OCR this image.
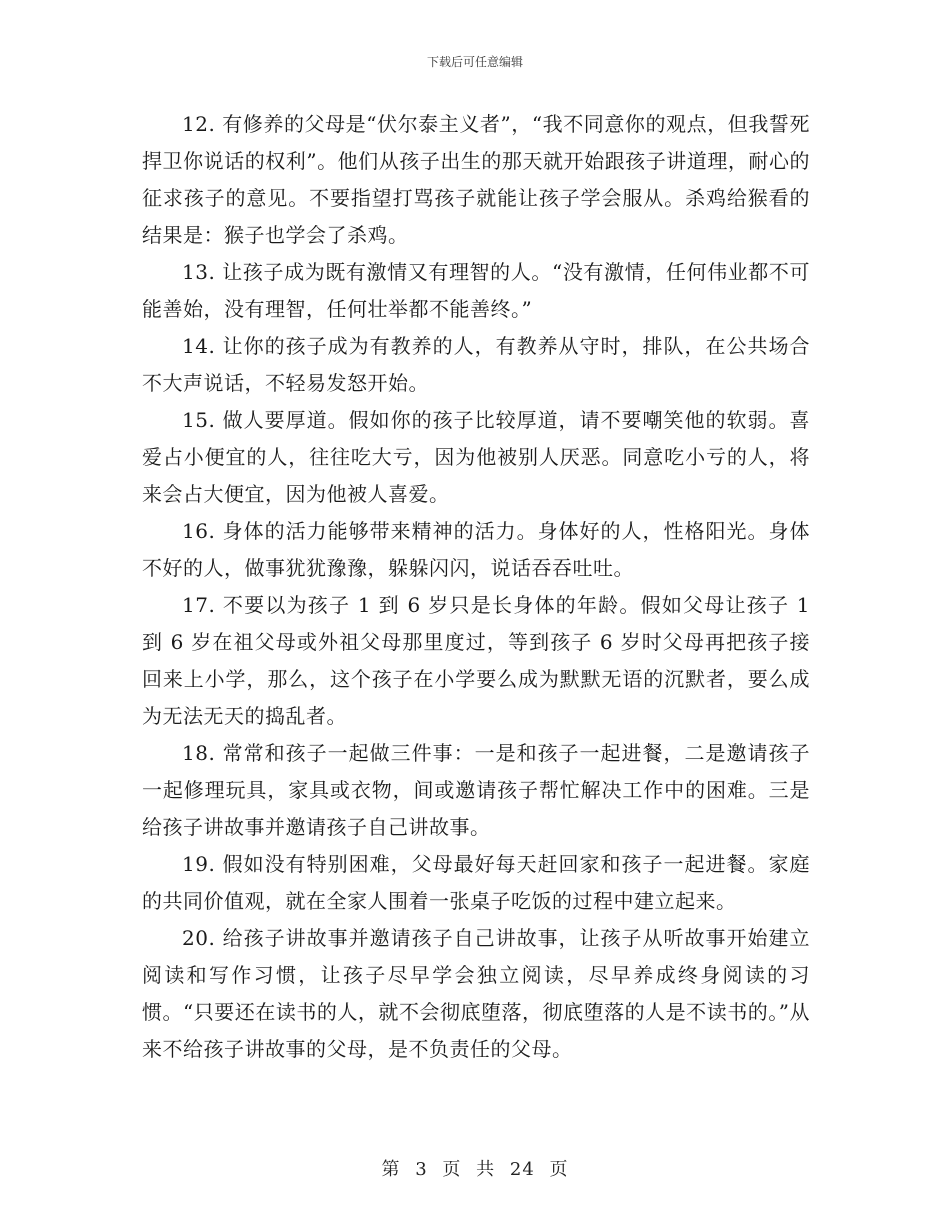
下载后可任意编辑

12. 有修养的父母是“伏尔泰主义者”，“我不同意你的观点，但我誓死捍卫你说话的权利”。他们从孩子出生的那天就开始跟孩子讲道理，耐心的征求孩子的意见。不要指望打骂孩子就能让孩子学会服从。杀鸡给猴看的结果是：猴子也学会了杀鸡。

13. 让孩子成为既有激情又有理智的人。“没有激情，任何伟业都不可能善始，没有理智，任何壮举都不能善终。”

14. 让你的孩子成为有教养的人，有教养从守时，排队，在公共场合不大声说话，不轻易发怒开始。

15. 做人要厚道。假如你的孩子比较厚道，请不要嘲笑他的软弱。喜爱占小便宜的人，往往吃大亏，因为他被别人厌恶。同意吃小亏的人，将来会占大便宜，因为他被人喜爱。

16. 身体的活力能够带来精神的活力。身体好的人，性格阳光。身体不好的人，做事犹犹豫豫，躲躲闪闪，说话吞吞吐吐。

17. 不要以为孩子 1 到 6 岁只是长身体的年龄。假如父母让孩子 1 到 6 岁在祖父母或外祖父母那里度过，等到孩子 6 岁时父母再把孩子接回来上小学，那么，这个孩子在小学要么成为默默无语的沉默者，要么成为无法无天的捣乱者。

18. 常常和孩子一起做三件事：一是和孩子一起进餐，二是邀请孩子一起修理玩具，家具或衣物，间或邀请孩子帮忙解决工作中的困难。三是给孩子讲故事并邀请孩子自己讲故事。

19. 假如没有特别困难，父母最好每天赶回家和孩子一起进餐。家庭的共同价值观，就在全家人围着一张桌子吃饭的过程中建立起来。

20. 给孩子讲故事并邀请孩子自己讲故事，让孩子从听故事开始建立阅读和写作习惯，让孩子尽早学会独立阅读，尽早养成终身阅读的习惯。“只要还在读书的人，就不会彻底堕落，彻底堕落的人是不读书的。”从来不给孩子讲故事的父母，是不负责任的父母。

第 3 页 共 24 页
